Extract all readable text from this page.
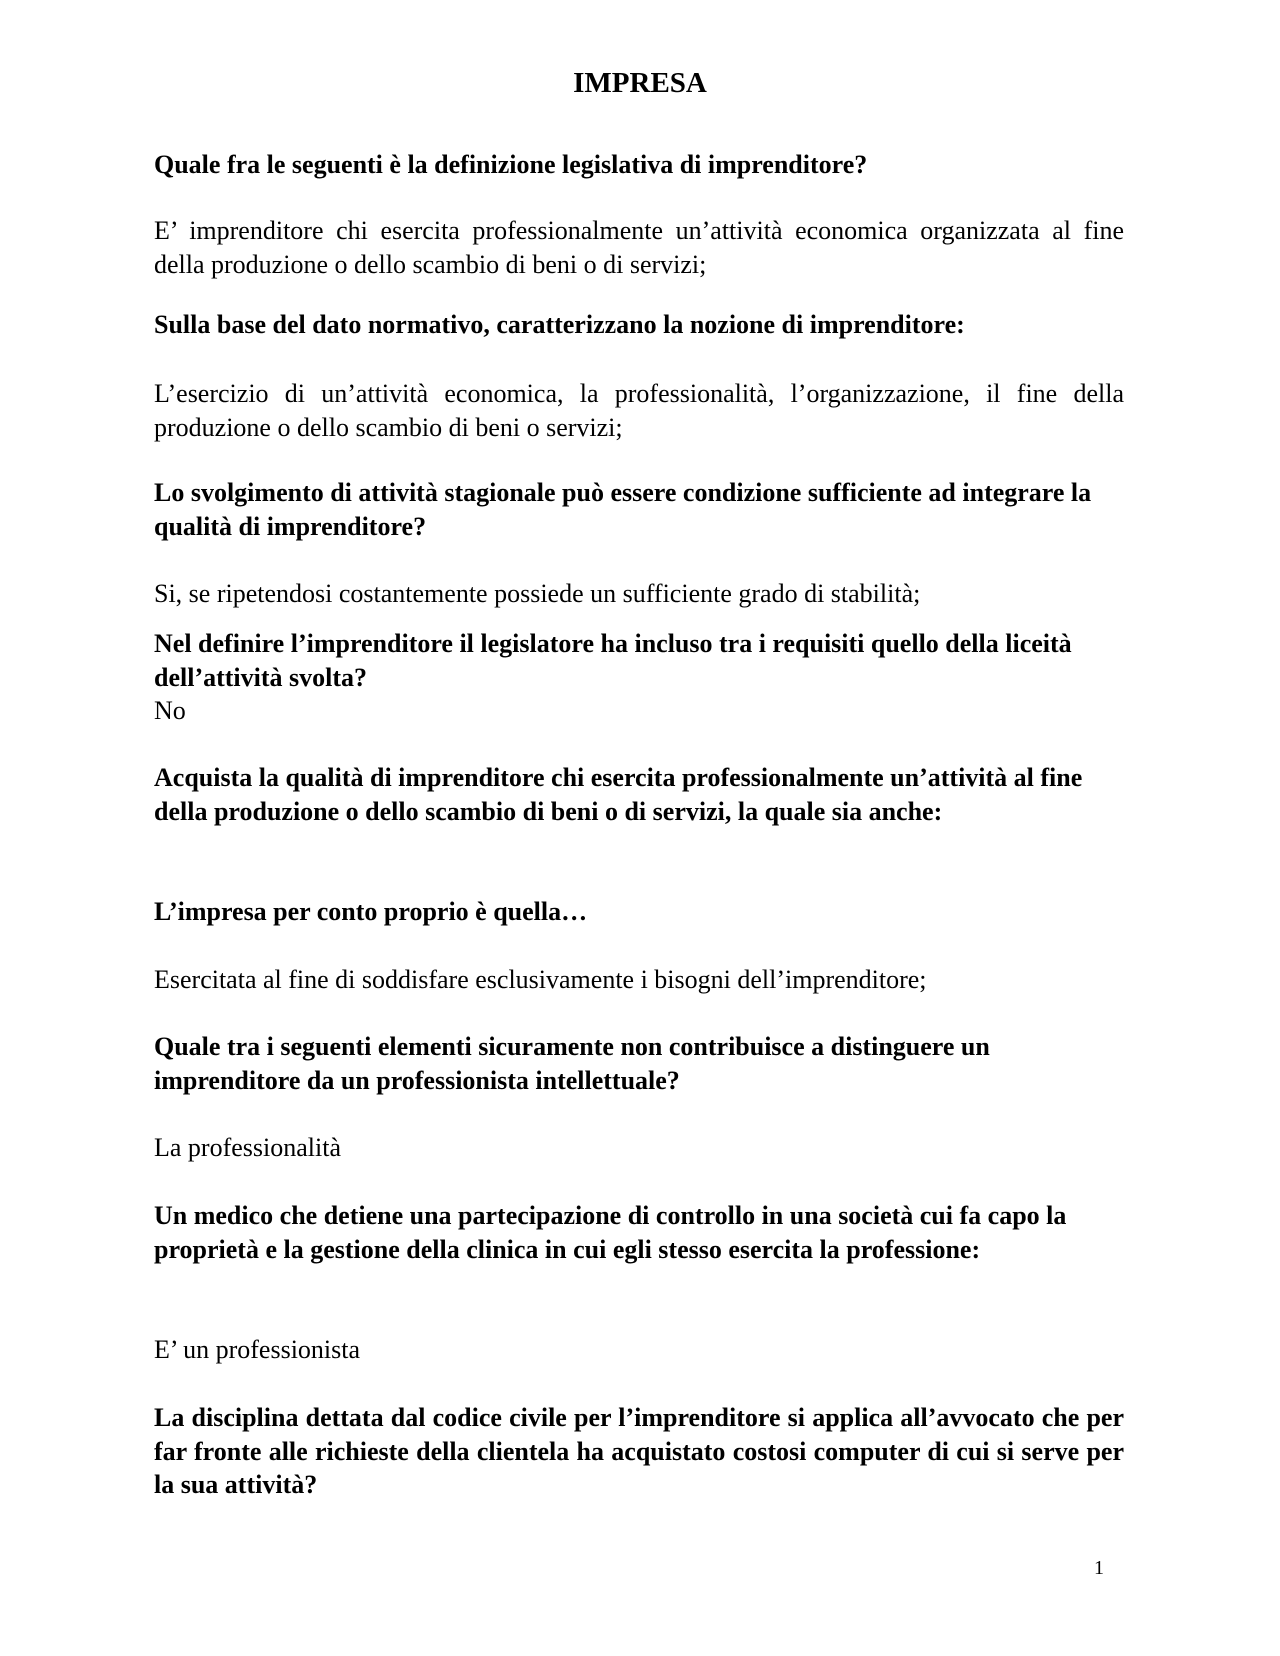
IMPRESA

Quale fra le seguenti è la definizione legislativa di imprenditore?

E’ imprenditore chi esercita professionalmente un’attività economica organizzata al fine della produzione o dello scambio di beni o di servizi;

Sulla base del dato normativo, caratterizzano la nozione di imprenditore:

L’esercizio di un’attività economica, la professionalità, l’organizzazione, il fine della produzione o dello scambio di beni o servizi;

Lo svolgimento di attività stagionale può essere condizione sufficiente ad integrare la qualità di imprenditore?

Si, se ripetendosi costantemente possiede un sufficiente grado di stabilità;

Nel definire l’imprenditore il legislatore ha incluso tra i requisiti quello della liceità dell’attività svolta?

No

Acquista la qualità di imprenditore chi esercita professionalmente un’attività al fine della produzione o dello scambio di beni o di servizi, la quale sia anche:

L’impresa per conto proprio è quella…

Esercitata al fine di soddisfare esclusivamente i bisogni dell’imprenditore;

Quale tra i seguenti elementi sicuramente non contribuisce a distinguere un imprenditore da un professionista intellettuale?

La professionalità

Un medico che detiene una partecipazione di controllo in una società cui fa capo la proprietà e la gestione della clinica in cui egli stesso esercita la professione:

E’ un professionista

La disciplina dettata dal codice civile per l’imprenditore si applica all’avvocato che per far fronte alle richieste della clientela ha acquistato costosi computer di cui si serve per la sua attività?

1
